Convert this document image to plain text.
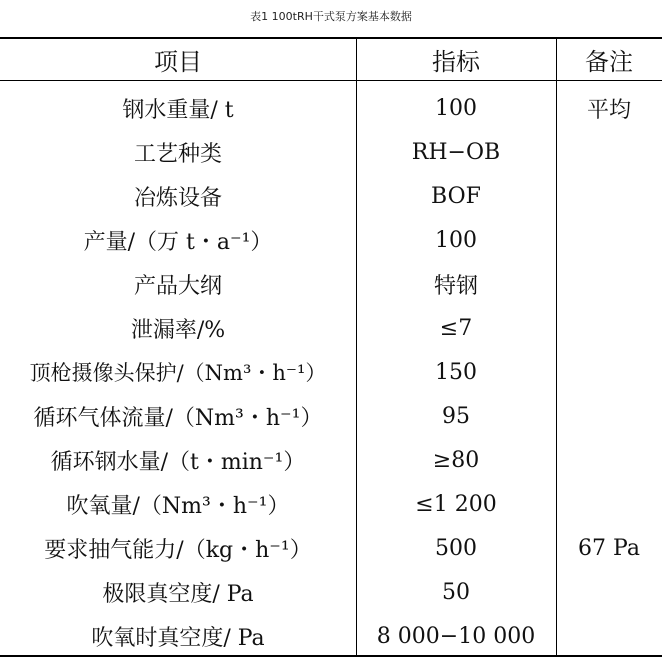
表1 100tRH干式泵方案基本数据
项目	指标	备注
钢水重量/ t	100	平均
工艺种类	RH−OB
冶炼设备	BOF
产量/（万 t・a⁻¹）	100
产品大纲	特钢
泄漏率/%	≤7
顶枪摄像头保护/（Nm³・h⁻¹）	150
循环气体流量/（Nm³・h⁻¹）	95
循环钢水量/（t・min⁻¹）	≥80
吹氧量/（Nm³・h⁻¹）	≤1 200
要求抽气能力/（kg・h⁻¹）	500	67 Pa
极限真空度/ Pa	50
吹氧时真空度/ Pa	8 000−10 000
